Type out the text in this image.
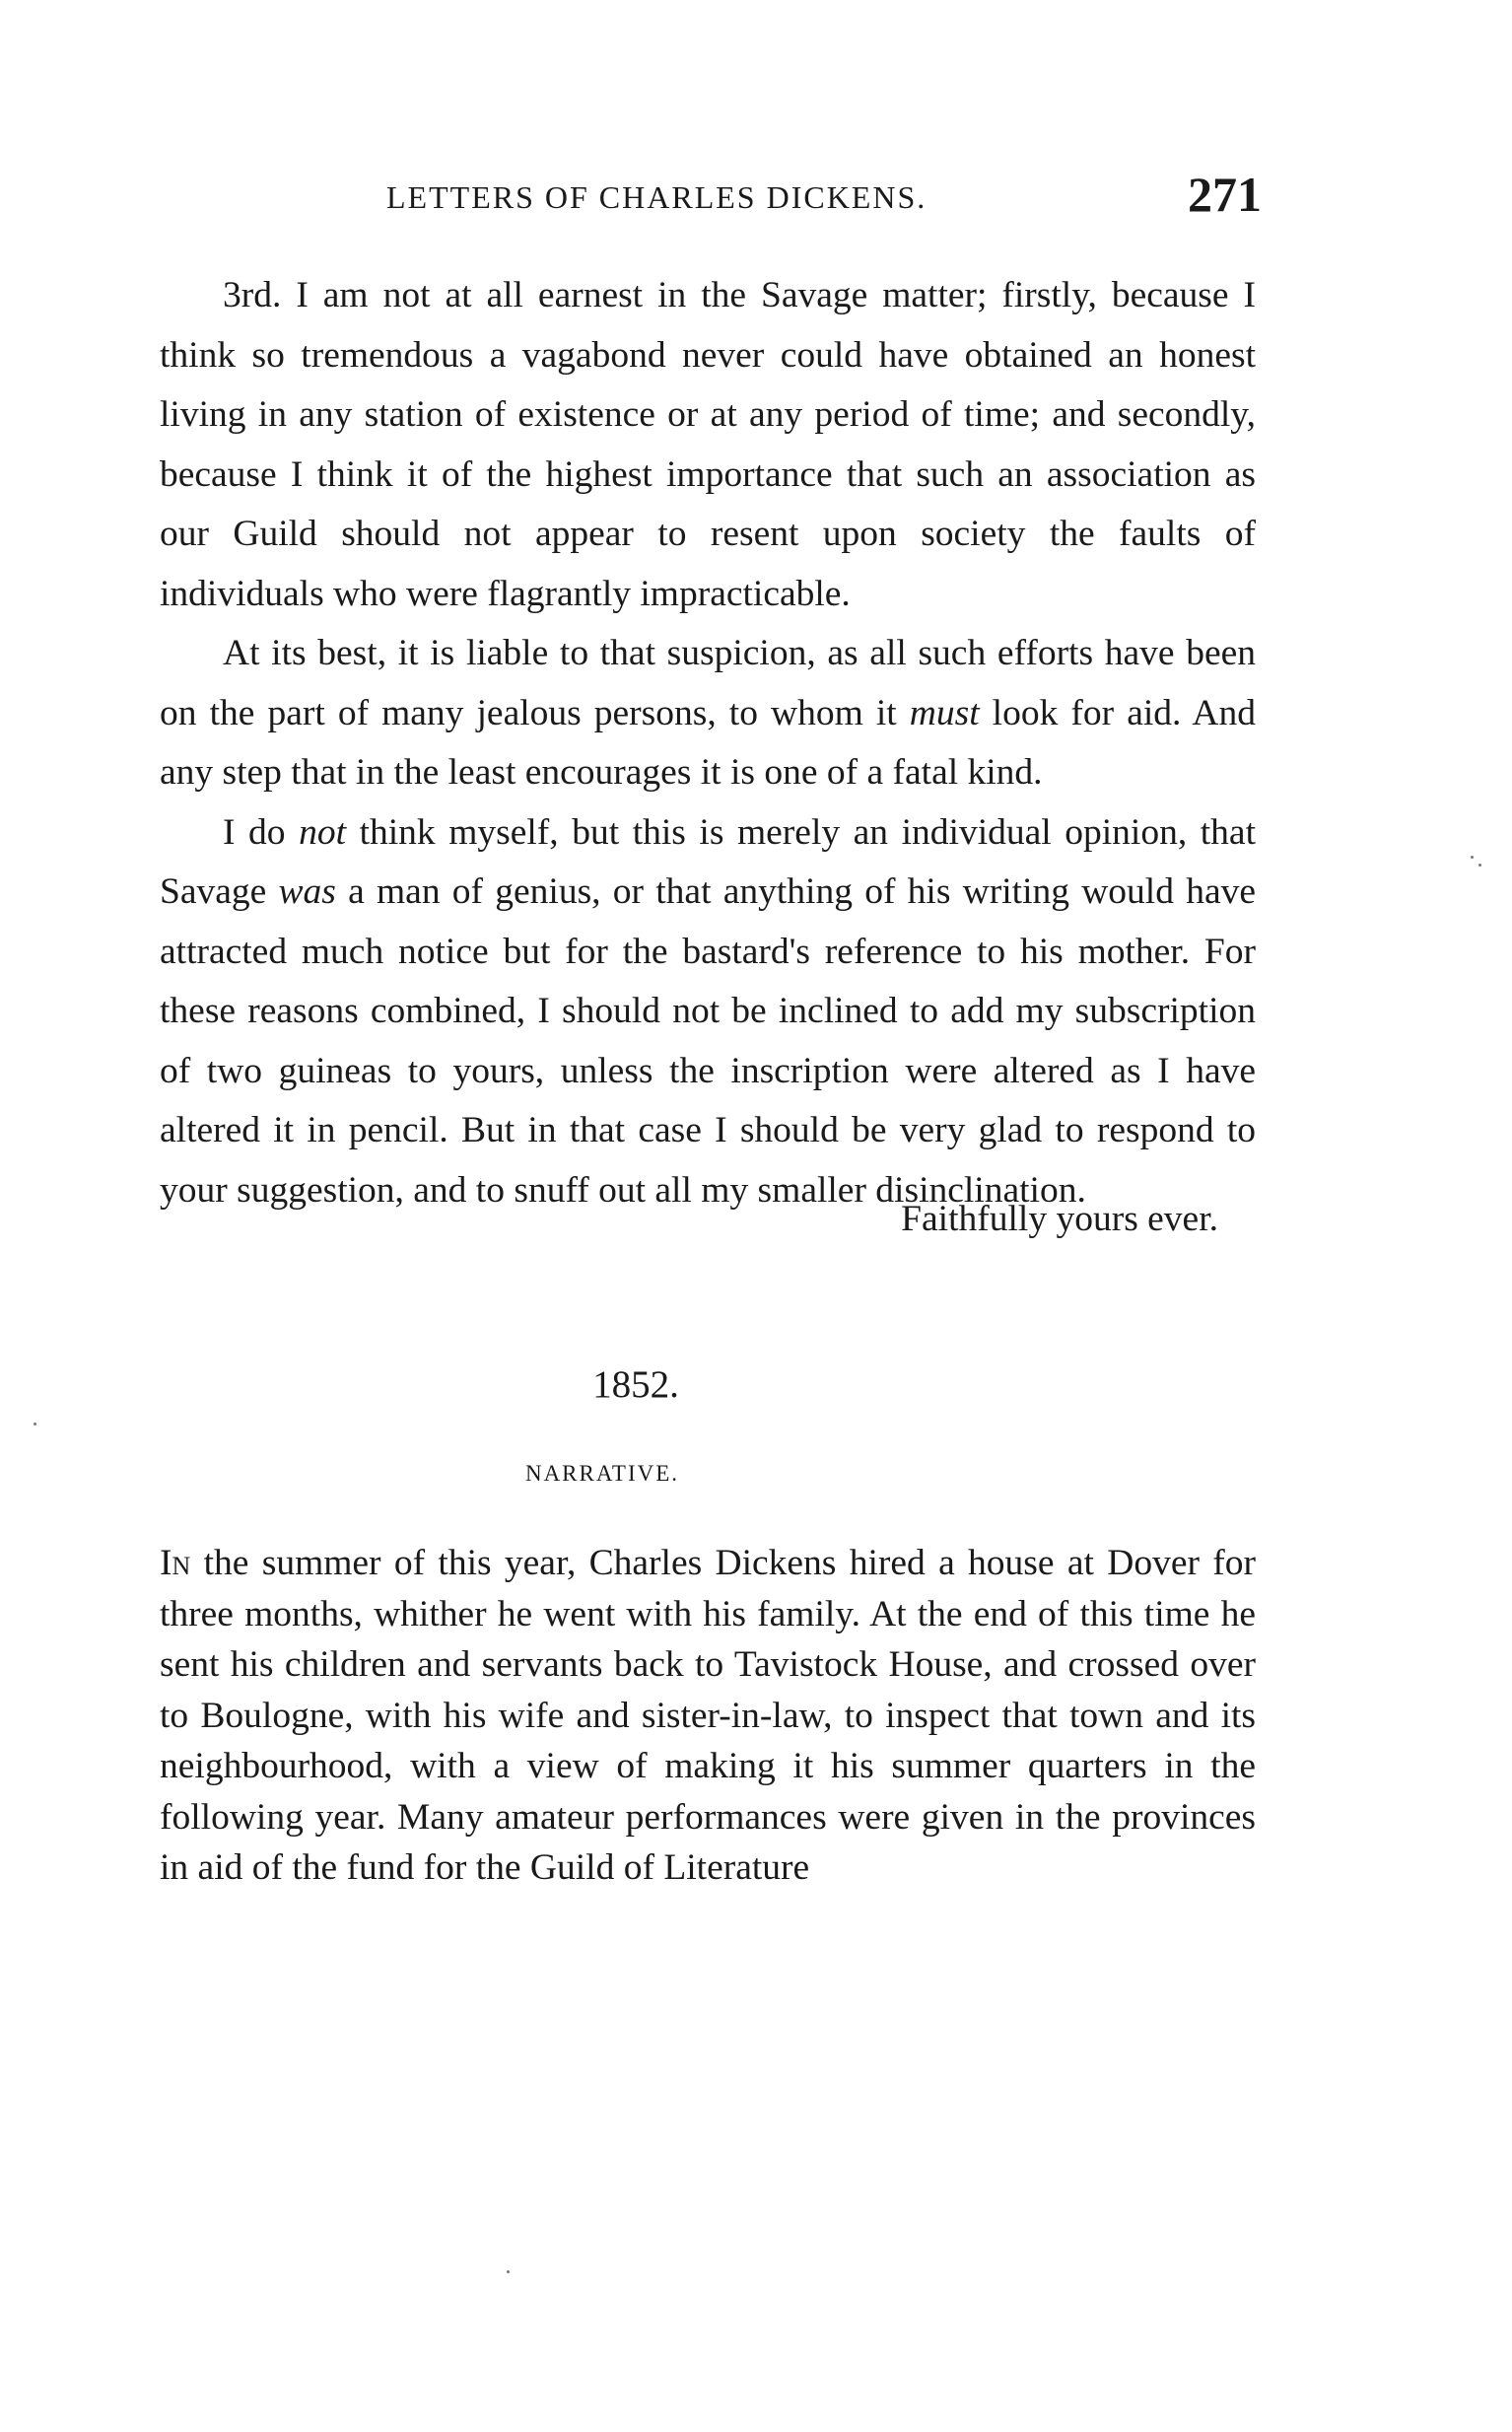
LETTERS OF CHARLES DICKENS.	271

3rd. I am not at all earnest in the Savage matter; firstly, because I think so tremendous a vagabond never could have obtained an honest living in any station of existence or at any period of time; and secondly, because I think it of the highest importance that such an association as our Guild should not appear to resent upon society the faults of individuals who were flagrantly impracticable.

At its best, it is liable to that suspicion, as all such efforts have been on the part of many jealous persons, to whom it must look for aid. And any step that in the least encourages it is one of a fatal kind.

I do not think myself, but this is merely an individual opinion, that Savage was a man of genius, or that anything of his writing would have attracted much notice but for the bastard's reference to his mother. For these reasons combined, I should not be inclined to add my subscription of two guineas to yours, unless the inscription were altered as I have altered it in pencil. But in that case I should be very glad to respond to your suggestion, and to snuff out all my smaller disinclination.

Faithfully yours ever.
1852.
NARRATIVE.

In the summer of this year, Charles Dickens hired a house at Dover for three months, whither he went with his family. At the end of this time he sent his children and servants back to Tavistock House, and crossed over to Boulogne, with his wife and sister-in-law, to inspect that town and its neighbourhood, with a view of making it his summer quarters in the following year. Many amateur performances were given in the provinces in aid of the fund for the Guild of Literature
